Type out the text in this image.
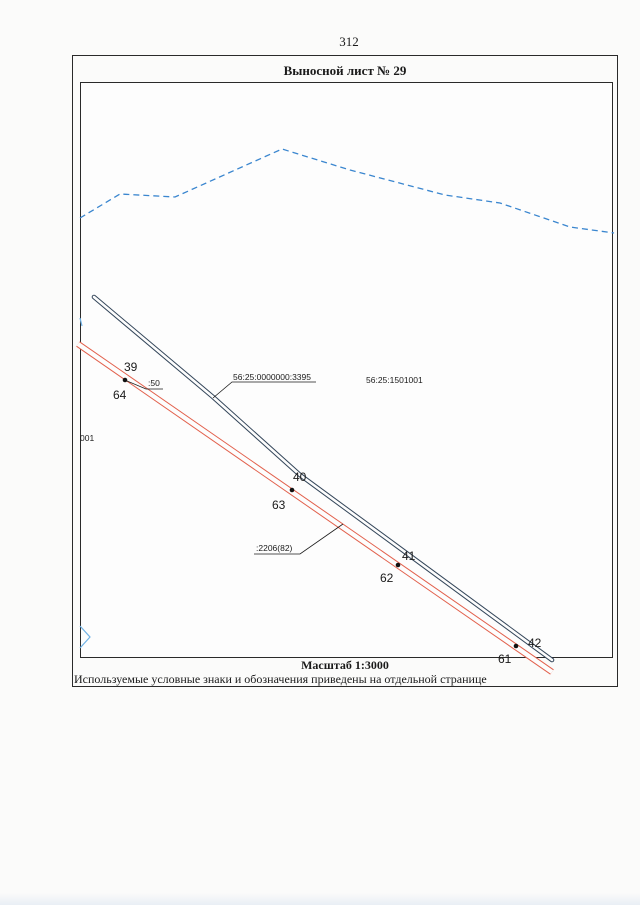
312
Выносной лист № 29
39
64
40
63
41
62
42
61
:50
56:25:0000000:3395	56:25:1501001
001
:2206(82)
Масштаб 1:3000
Используемые условные знаки и обозначения приведены на отдельной странице
